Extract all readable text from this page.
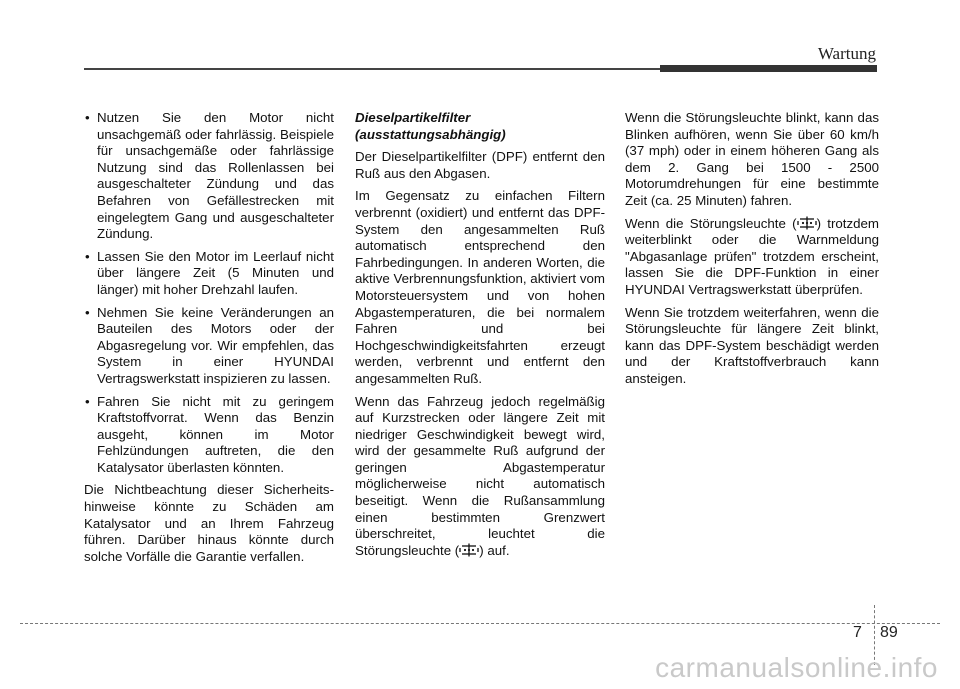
Wartung
• Nutzen Sie den Motor nicht unsachgemäß oder fahrlässig. Beispiele für unsachgemäße oder fahrlässige Nutzung sind das Rollenlassen bei ausgeschalteter Zündung und das Befahren von Gefällestrecken mit eingelegtem Gang und ausgeschalteter Zündung.
• Lassen Sie den Motor im Leerlauf nicht über längere Zeit (5 Minuten und länger) mit hoher Drehzahl laufen.
• Nehmen Sie keine Veränderungen an Bauteilen des Motors oder der Abgasregelung vor. Wir empfehlen, das System in einer HYUNDAI Vertragswerkstatt inspizieren zu lassen.
• Fahren Sie nicht mit zu geringem Kraftstoffvorrat. Wenn das Benzin ausgeht, können im Motor Fehlzündungen auftreten, die den Katalysator überlasten könnten.

Die Nichtbeachtung dieser Sicherheitshinweise könnte zu Schäden am Katalysator und an Ihrem Fahrzeug führen. Darüber hinaus könnte durch solche Vorfälle die Garantie verfallen.

Dieselpartikelfilter
(ausstattungsabhängig)

Der Dieselpartikelfilter (DPF) entfernt den Ruß aus den Abgasen.

Im Gegensatz zu einfachen Filtern verbrennt (oxidiert) und entfernt das DPF-System den angesammelten Ruß automatisch entsprechend den Fahrbedingungen. In anderen Worten, die aktive Verbrennungsfunktion, aktiviert vom Motorsteuersystem und von hohen Abgastemperaturen, die bei normalem Fahren und bei Hochgeschwindigkeitsfahrten erzeugt werden, verbrennt und entfernt den angesammelten Ruß.

Wenn das Fahrzeug jedoch regelmäßig auf Kurzstrecken oder längere Zeit mit niedriger Geschwindigkeit bewegt wird, wird der gesammelte Ruß aufgrund der geringen Abgastemperatur möglicherweise nicht automatisch beseitigt. Wenn die Rußansammlung einen bestimmten Grenzwert überschreitet, leuchtet die Störungsleuchte ( ) auf.

Wenn die Störungsleuchte blinkt, kann das Blinken aufhören, wenn Sie über 60 km/h (37 mph) oder in einem höheren Gang als dem 2. Gang bei 1500 - 2500 Motorumdrehungen für eine bestimmte Zeit (ca. 25 Minuten) fahren.

Wenn die Störungsleuchte ( ) trotzdem weiterblinkt oder die Warnmeldung "Abgasanlage prüfen" trotzdem erscheint, lassen Sie die DPF-Funktion in einer HYUNDAI Vertragswerkstatt überprüfen.

Wenn Sie trotzdem weiterfahren, wenn die Störungsleuchte für längere Zeit blinkt, kann das DPF-System beschädigt werden und der Kraftstoffverbrauch kann ansteigen.

7 89
carmanualsonline.info
